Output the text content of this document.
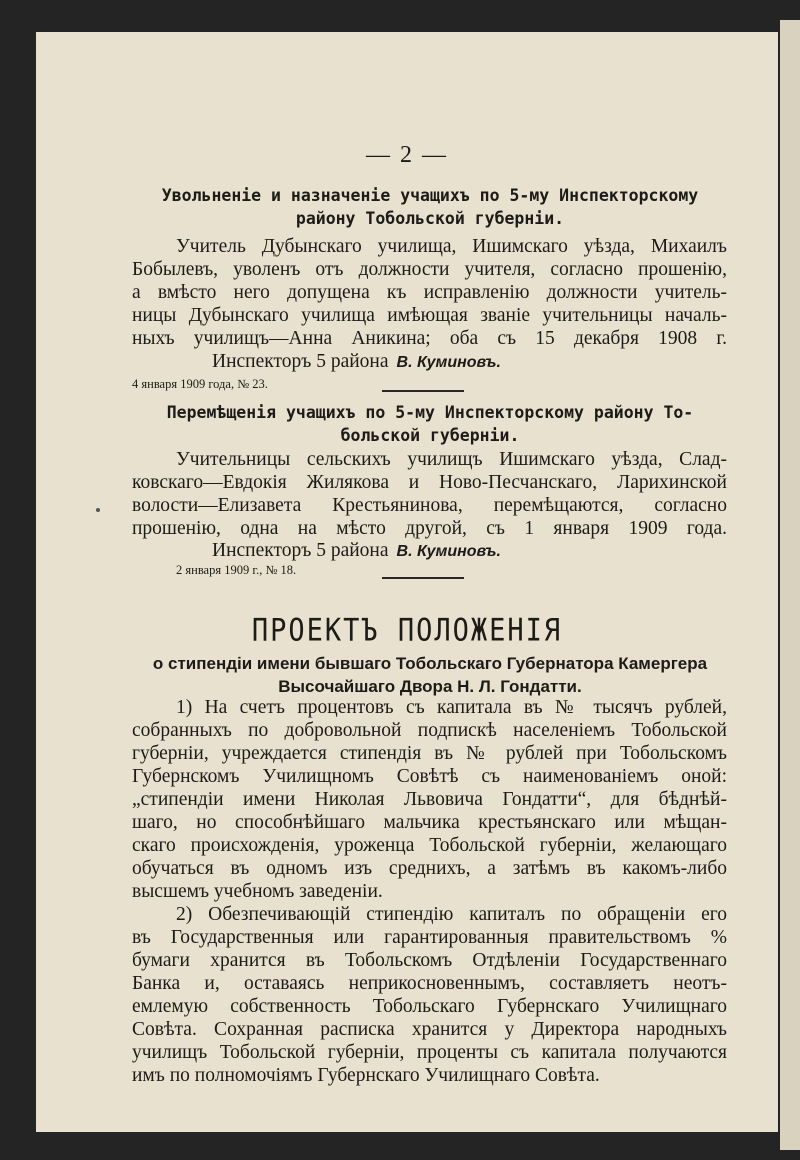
— 2 —
Увольненіе и назначеніе учащихъ по 5-му Инспекторскому
району Тобольской губерніи.
Учитель Дубынскаго училища, Ишимскаго уѣзда, Михаилъ
Бобылевъ, уволенъ отъ должности учителя, согласно прошенію,
а вмѣсто него допущена къ исправленію должности учитель-
ницы Дубынскаго училища имѣющая званіе учительницы началь-
ныхъ училищъ—Анна Аникина; оба съ 15 декабря 1908 г.
Инспекторъ 5 района В. Куминовъ.
4 января 1909 года, № 23.
Перемѣщенія учащихъ по 5-му Инспекторскому району То-
больской губерніи.
Учительницы сельскихъ училищъ Ишимскаго уѣзда, Слад-
ковскаго—Евдокія Жилякова и Ново-Песчанскаго, Ларихинской
волости—Елизавета Крестьянинова, перемѣщаются, согласно
прошенію, одна на мѣсто другой, съ 1 января 1909 года.
Инспекторъ 5 района В. Куминовъ.
2 января 1909 г., № 18.
ПРОЕКТЪ ПОЛОЖЕНІЯ
о стипендіи имени бывшаго Тобольскаго Губернатора Камергера
Высочайшаго Двора Н. Л. Гондатти.
1) На счетъ процентовъ съ капитала въ № тысячъ рублей,
собранныхъ по добровольной подпискѣ населеніемъ Тобольской
губерніи, учреждается стипендія въ № рублей при Тобольскомъ
Губернскомъ Училищномъ Совѣтѣ съ наименованіемъ оной:
„стипендіи имени Николая Львовича Гондатти“, для бѣднѣй-
шаго, но способнѣйшаго мальчика крестьянскаго или мѣщан-
скаго происхожденія, уроженца Тобольской губерніи, желающаго
обучаться въ одномъ изъ среднихъ, а затѣмъ въ какомъ-либо
высшемъ учебномъ заведеніи.
2) Обезпечивающій стипендію капиталъ по обращеніи его
въ Государственныя или гарантированныя правительствомъ %
бумаги хранится въ Тобольскомъ Отдѣленіи Государственнаго
Банка и, оставаясь неприкосновеннымъ, составляетъ неотъ-
емлемую собственность Тобольскаго Губернскаго Училищнаго
Совѣта. Сохранная расписка хранится у Директора народныхъ
училищъ Тобольской губерніи, проценты съ капитала получаются
имъ по полномочіямъ Губернскаго Училищнаго Совѣта.
